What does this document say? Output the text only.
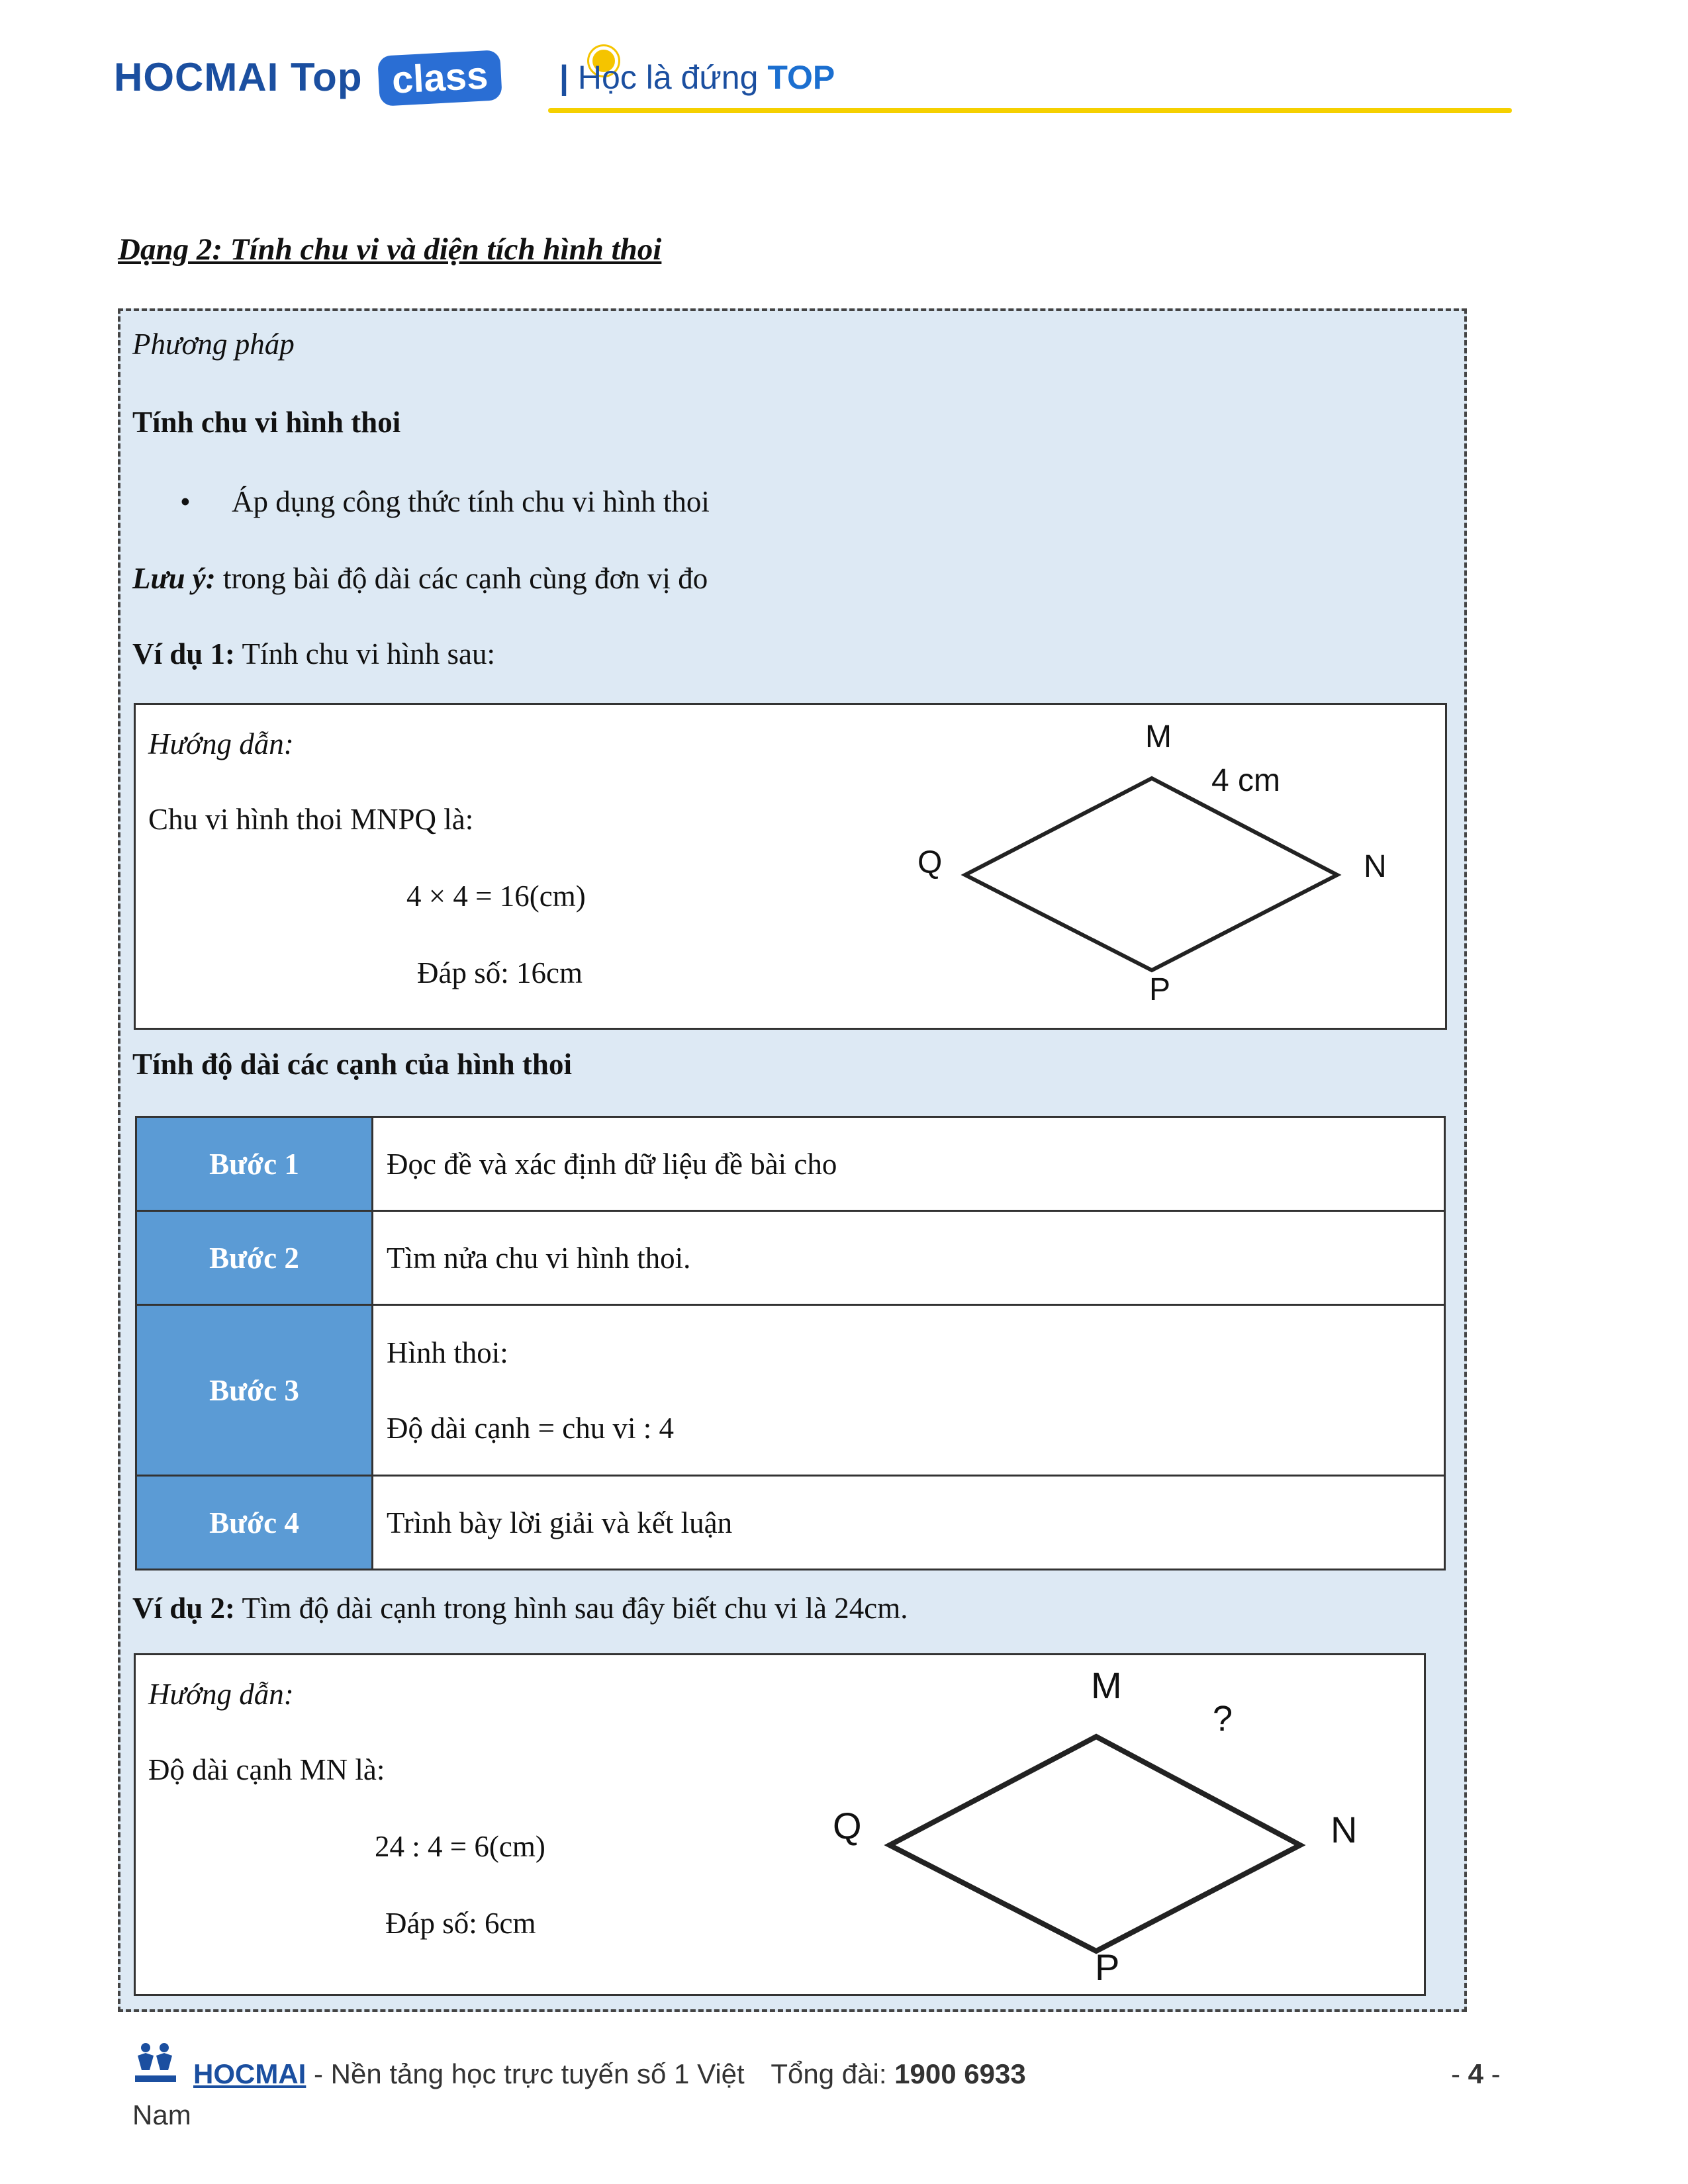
HOCMAI Top class	| Học là đứng TOP
Dạng 2: Tính chu vi và diện tích hình thoi
Phương pháp
Tính chu vi hình thoi
• Áp dụng công thức tính chu vi hình thoi
Lưu ý: trong bài độ dài các cạnh cùng đơn vị đo
Ví dụ 1: Tính chu vi hình sau:
Hướng dẫn:
Chu vi hình thoi MNPQ là:
4 × 4 = 16(cm)
Đáp số: 16cm
M
4 cm
N
Q
P
Tính độ dài các cạnh của hình thoi
Bước 1	Đọc đề và xác định dữ liệu đề bài cho

Bước 2	Tìm nửa chu vi hình thoi.

Bước 3	Hình thoi:
Độ dài cạnh = chu vi : 4

Bước 4	Trình bày lời giải và kết luận
Ví dụ 2: Tìm độ dài cạnh trong hình sau đây biết chu vi là 24cm.
Hướng dẫn:
Độ dài cạnh MN là:
24 : 4 = 6(cm)
Đáp số: 6cm
M
?
N
Q
P
HOCMAI - Nền tảng học trực tuyến số 1 Việt Tổng đài: 1900 6933
Nam
- 4 -
